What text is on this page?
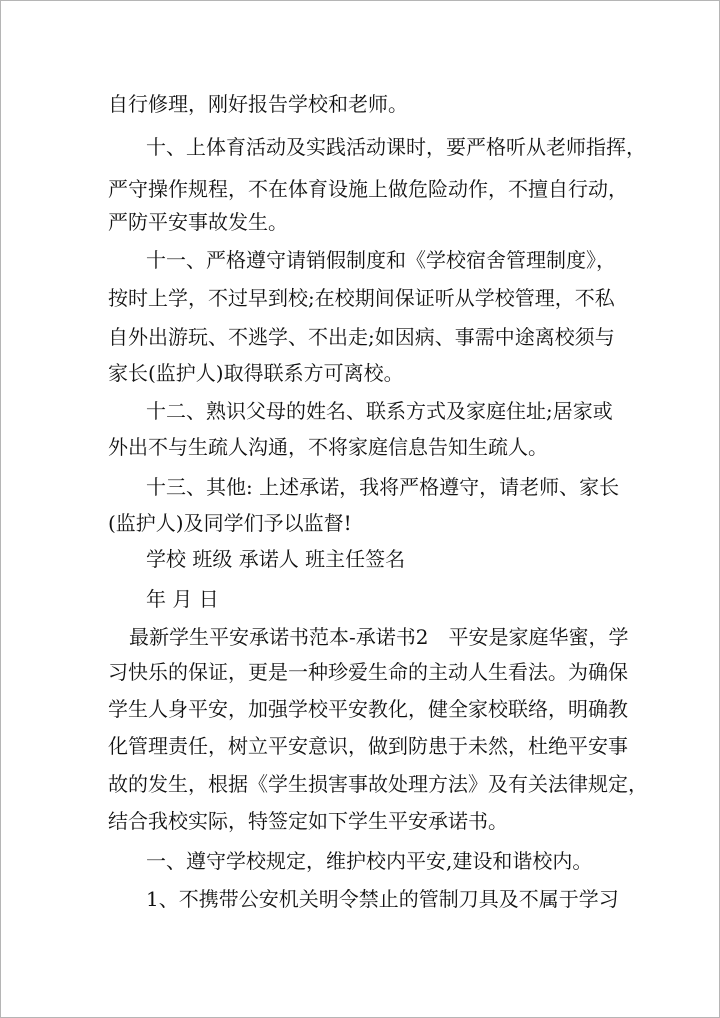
自行修理，刚好报告学校和老师。
十、上体育活动及实践活动课时，要严格听从老师指挥，
严守操作规程，不在体育设施上做危险动作，不擅自行动，
严防平安事故发生。
十一、严格遵守请销假制度和《学校宿舍管理制度》，
按时上学，不过早到校;在校期间保证听从学校管理，不私
自外出游玩、不逃学、不出走;如因病、事需中途离校须与
家长(监护人)取得联系方可离校。
十二、熟识父母的姓名、联系方式及家庭住址;居家或
外出不与生疏人沟通，不将家庭信息告知生疏人。
十三、其他: 上述承诺，我将严格遵守，请老师、家长
(监护人)及同学们予以监督!
学校 班级 承诺人 班主任签名
年 月 日
最新学生平安承诺书范本-承诺书2　平安是家庭华蜜，学
习快乐的保证，更是一种珍爱生命的主动人生看法。为确保
学生人身平安，加强学校平安教化，健全家校联络，明确教
化管理责任，树立平安意识，做到防患于未然，杜绝平安事
故的发生，根据《学生损害事故处理方法》及有关法律规定，
结合我校实际，特签定如下学生平安承诺书。
一、遵守学校规定，维护校内平安,建设和谐校内。
1、不携带公安机关明令禁止的管制刀具及不属于学习
